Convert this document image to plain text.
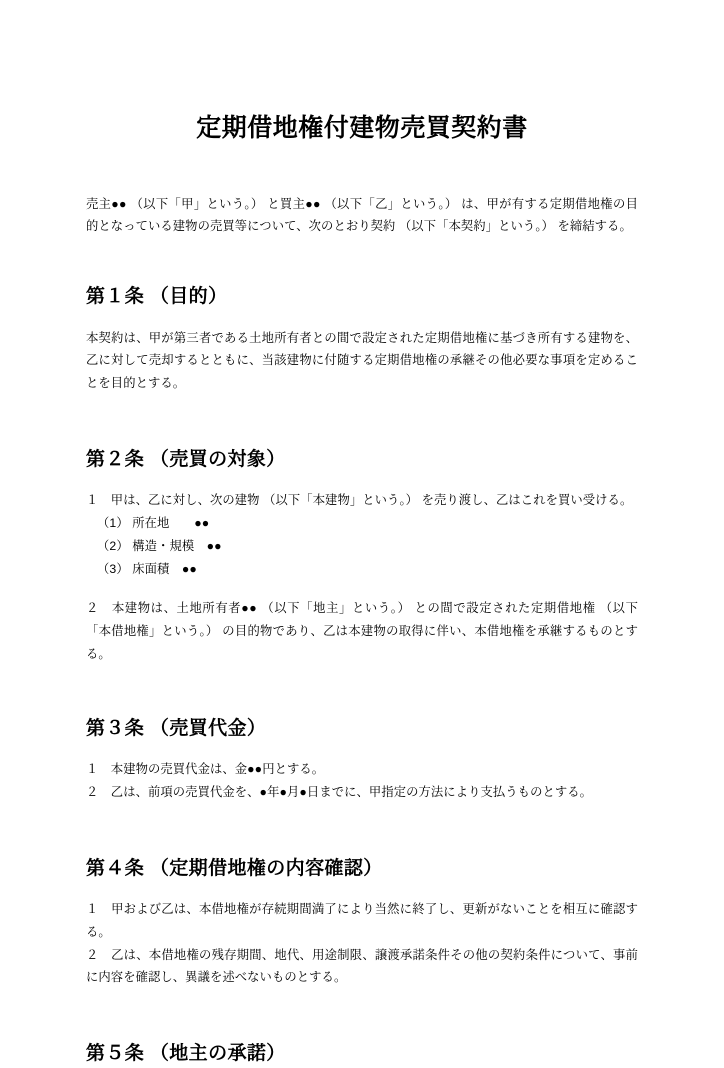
定期借地権付建物売買契約書

売主●● （以下「甲」という。） と買主●● （以下「乙」という。） は、甲が有する定期借地権の目的となっている建物の売買等について、次のとおり契約 （以下「本契約」という。） を締結する。

第１条 （目的）

本契約は、甲が第三者である土地所有者との間で設定された定期借地権に基づき所有する建物を、乙に対して売却するとともに、当該建物に付随する定期借地権の承継その他必要な事項を定めることを目的とする。

第２条 （売買の対象）

１　甲は、乙に対し、次の建物 （以下「本建物」という。） を売り渡し、乙はこれを買い受ける。

（1） 所在地　　●●

（2） 構造・規模　●●

（3） 床面積　●●

２　本建物は、土地所有者●● （以下「地主」という。） との間で設定された定期借地権 （以下「本借地権」という。） の目的物であり、乙は本建物の取得に伴い、本借地権を承継するものとする。

第３条 （売買代金）

１　本建物の売買代金は、金●●円とする。

２　乙は、前項の売買代金を、●年●月●日までに、甲指定の方法により支払うものとする。

第４条 （定期借地権の内容確認）

１　甲および乙は、本借地権が存続期間満了により当然に終了し、更新がないことを相互に確認する。

２　乙は、本借地権の残存期間、地代、用途制限、譲渡承諾条件その他の契約条件について、事前に内容を確認し、異議を述べないものとする。

第５条 （地主の承諾）
